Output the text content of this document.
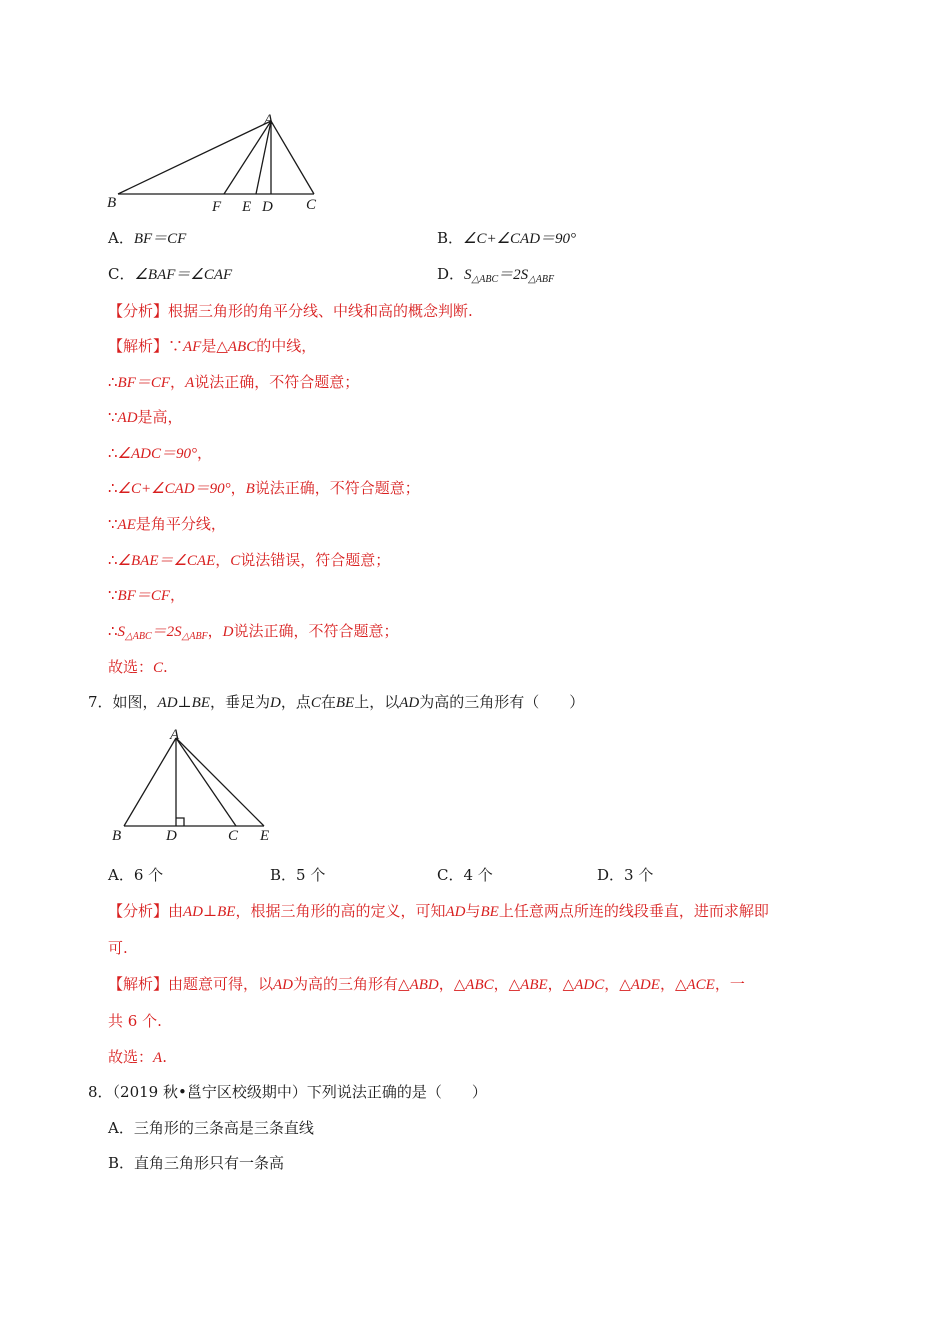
A
B	F E D C
A．BF＝CF	B．∠C+∠CAD＝90°
C．∠BAF＝∠CAF	D．$S_{\triangle ABC}=2S_{\triangle ABF}$
【分析】根据三角形的角平分线、中线和高的概念判断.
【解析】∵AF是△ABC的中线，
∴BF＝CF，A说法正确，不符合题意；
∵AD是高，
∴∠ADC＝90°，
∴∠C+∠CAD＝90°，B说法正确，不符合题意；
∵AE是角平分线，
∴∠BAE＝∠CAE，C说法错误，符合题意；
∵BF＝CF，
$\therefore S_{\triangle ABC}=2S_{\triangle ABF}$，D说法正确，不符合题意；
故选：C.
7．如图，AD⊥BE，垂足为D，点C在BE上，以AD为高的三角形有（　　）
A
B	D	C E
A．6 个	B．5 个	C．4 个	D．3 个
【分析】由AD⊥BE，根据三角形的高的定义，可知AD与BE上任意两点所连的线段垂直，进而求解即
可.
【解析】由题意可得，以AD为高的三角形有△ABD，△ABC，△ABE，△ADC，△ADE，△ACE，一
共 6 个.
故选：A.
8．（2019 秋•邕宁区校级期中）下列说法正确的是（　　）
A．三角形的三条高是三条直线
B．直角三角形只有一条高
